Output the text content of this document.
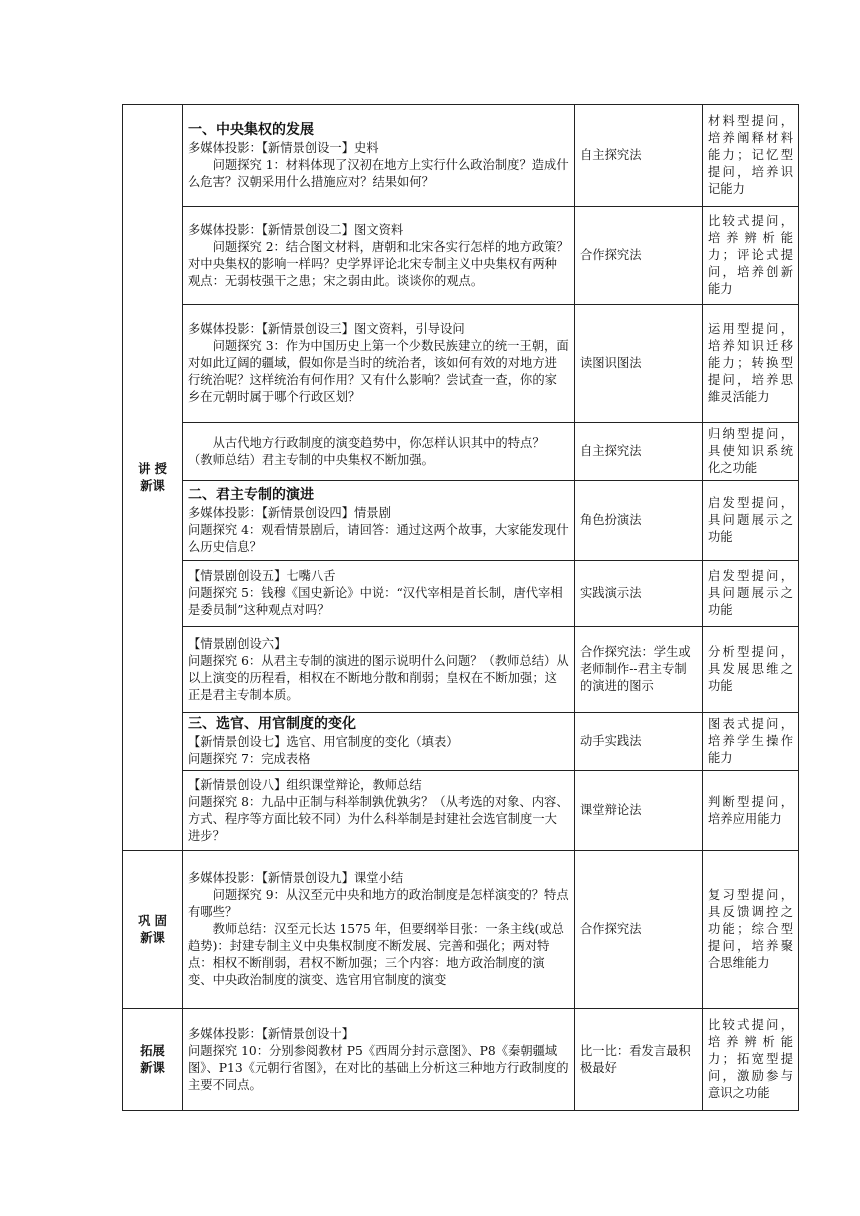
讲 授
新课	一、中央集权的发展
多媒体投影：【新情景创设一】史料
问题探究 1：材料体现了汉初在地方上实行什么政治制度？造成什么危害？汉朝采用什么措施应对？结果如何？	自主探究法	材料型提问，培养阐释材料能力；记忆型提问，培养识记能力

	多媒体投影：【新情景创设二】图文资料
问题探究 2：结合图文材料，唐朝和北宋各实行怎样的地方政策？对中央集权的影响一样吗？史学界评论北宋专制主义中央集权有两种观点：无弱枝强干之患；宋之弱由此。谈谈你的观点。	合作探究法	比较式提问，培养辨析能力；评论式提问，培养创新能力

	多媒体投影：【新情景创设三】图文资料，引导设问
问题探究 3：作为中国历史上第一个少数民族建立的统一王朝，面对如此辽阔的疆域，假如你是当时的统治者，该如何有效的对地方进行统治呢？这样统治有何作用？又有什么影响？尝试查一查，你的家乡在元朝时属于哪个行政区划？	读图识图法	运用型提问，培养知识迁移能力；转换型提问，培养思維灵活能力

	从古代地方行政制度的演变趋势中，你怎样认识其中的特点？（教师总结）君主专制的中央集权不断加强。	自主探究法	归纳型提问，具使知识系统化之功能

	二、君主专制的演进
多媒体投影：【新情景创设四】情景剧
问题探究 4：观看情景剧后，请回答：通过这两个故事，大家能发现什么历史信息？	角色扮演法	启发型提问，具问题展示之功能

	【情景剧创设五】七嘴八舌
问题探究 5：钱穆《国史新论》中说：“汉代宰相是首长制，唐代宰相是委员制”这种观点对吗？	实践演示法	启发型提问，具问题展示之功能

	【情景剧创设六】
问题探究 6：从君主专制的演进的图示说明什么问题？（教师总结）从以上演变的历程看，相权在不断地分散和削弱；皇权在不断加强；这正是君主专制本质。	合作探究法：学生或老师制作--君主专制的演进的图示	分析型提问，具发展思维之功能

	三、选官、用官制度的变化
【新情景创设七】选官、用官制度的变化（填表）
问题探究 7：完成表格	动手实践法	图表式提问，培养学生操作能力

	【新情景创设八】组织课堂辩论，教师总结
问题探究 8：九品中正制与科举制孰优孰劣？（从考选的对象、内容、方式、程序等方面比较不同）为什么科举制是封建社会选官制度一大进步？	课堂辩论法	判断型提问，培养应用能力

巩 固
新课	多媒体投影：【新情景创设九】课堂小结
问题探究 9：从汉至元中央和地方的政治制度是怎样演变的？特点有哪些？
教师总结：汉至元长达 1575 年，但要纲举目张：一条主线(或总趋势)：封建专制主义中央集权制度不断发展、完善和强化；两对特点：相权不断削弱，君权不断加强；三个内容：地方政治制度的演变、中央政治制度的演变、选官用官制度的演变	合作探究法	复习型提问，具反馈调控之功能；综合型提问，培养聚合思维能力

拓展
新课	多媒体投影：【新情景创设十】
问题探究 10：分别参阅教材 P5《西周分封示意图》、P8《秦朝疆域图》、P13《元朝行省图》，在对比的基础上分析这三种地方行政制度的主要不同点。	比一比：看发言最积极最好	比较式提问，培养辨析能力；拓宽型提问，激励参与意识之功能
